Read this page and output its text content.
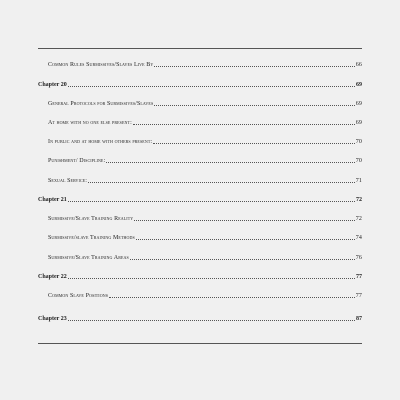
Common Rules Submissives/Slaves Live By	66
Chapter 20	69
General Protocols for Submissives/Slaves	69
At home with no one else present:	69
In public and at home with others present:	70
Punishment/ Discipline:	70
Sexual Service:	71
Chapter 21	72
Submissive/Slave Training Reality	72
Submissive/slave Training Methods	74
Submissive/Slave Training Areas	76
Chapter 22	77
Common Slave Positions	77
Chapter 23	87
